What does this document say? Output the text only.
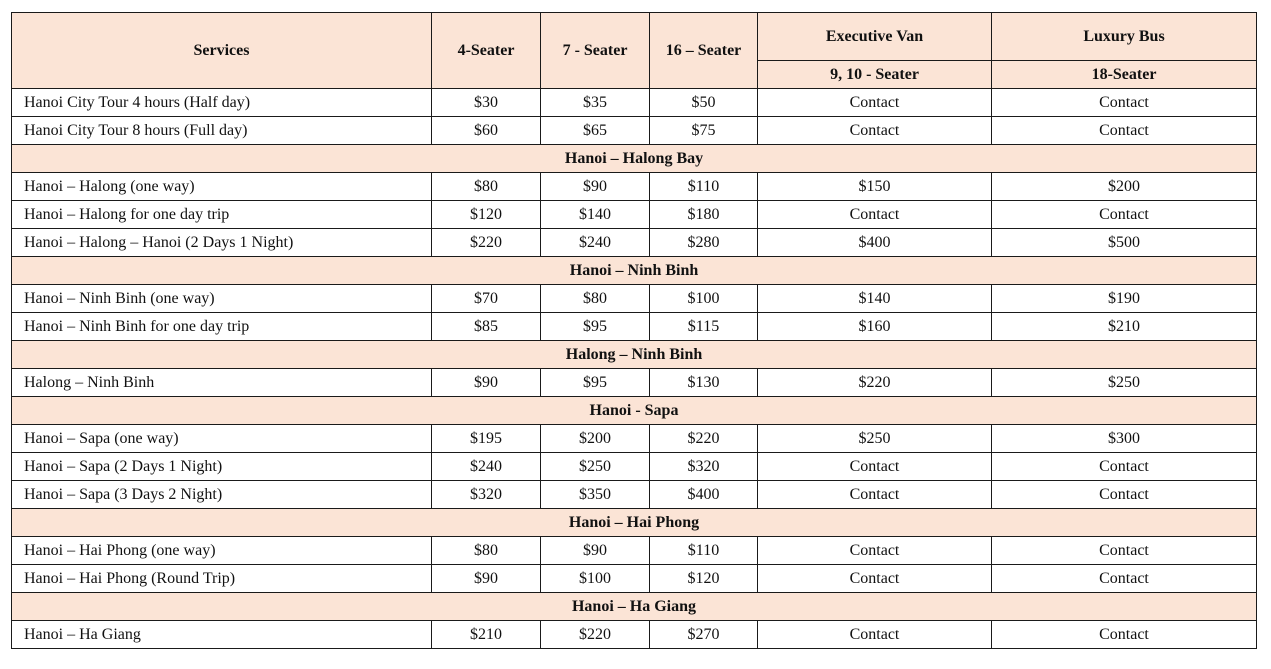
Services	4-Seater	7 - Seater	16 – Seater	Executive Van	Luxury Bus
				9, 10 - Seater	18-Seater
Hanoi City Tour 4 hours (Half day)	$30	$35	$50	Contact	Contact
Hanoi City Tour 8 hours (Full day)	$60	$65	$75	Contact	Contact
Hanoi – Halong Bay					
Hanoi – Halong (one way)	$80	$90	$110	$150	$200
Hanoi – Halong for one day trip	$120	$140	$180	Contact	Contact
Hanoi – Halong – Hanoi (2 Days 1 Night)	$220	$240	$280	$400	$500
Hanoi – Ninh Binh					
Hanoi – Ninh Binh (one way)	$70	$80	$100	$140	$190
Hanoi – Ninh Binh for one day trip	$85	$95	$115	$160	$210
Halong – Ninh Binh					
Halong – Ninh Binh	$90	$95	$130	$220	$250
Hanoi - Sapa					
Hanoi – Sapa (one way)	$195	$200	$220	$250	$300
Hanoi – Sapa (2 Days 1 Night)	$240	$250	$320	Contact	Contact
Hanoi – Sapa (3 Days 2 Night)	$320	$350	$400	Contact	Contact
Hanoi – Hai Phong					
Hanoi – Hai Phong (one way)	$80	$90	$110	Contact	Contact
Hanoi – Hai Phong (Round Trip)	$90	$100	$120	Contact	Contact
Hanoi – Ha Giang					
Hanoi – Ha Giang	$210	$220	$270	Contact	Contact
